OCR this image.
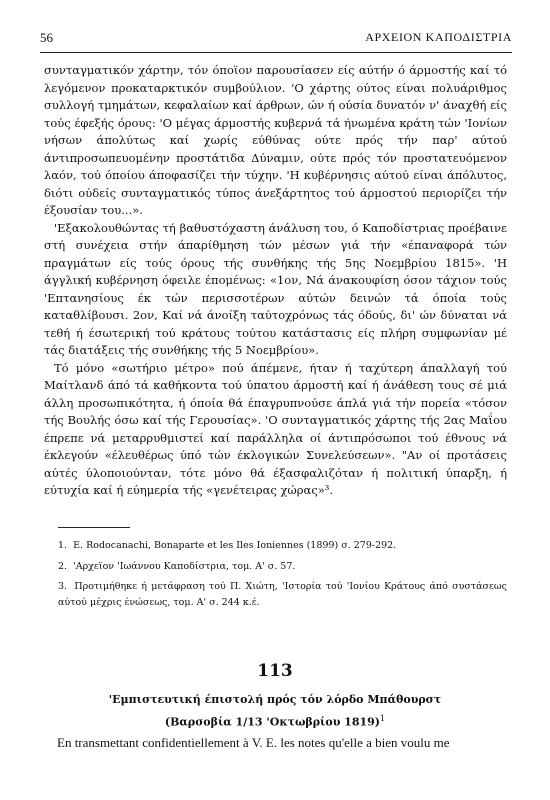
56	ΑΡΧΕΙΟΝ ΚΑΠΟΔΙΣΤΡΙΑ

συνταγματικόν χάρτην, τόν όποϊον παρουσίασεν είς αύτήν ό άρμοστής καί τό λεγόμενον προκαταρκτικόν συμβούλιον. 'Ο χάρτης ούτος είναι πολυάριθμος συλλογή τμημάτων, κεφαλαίων καί άρθρων, ών ή ούσία δυνατόν ν' άναχθή είς τούς έφεξής όρους: 'Ο μέγας άρμοστής κυβερνά τά ήνωμένα κράτη τών 'Ιονίων νήσων άπολύτως καί χωρίς εύθύνας ούτε πρός τήν παρ' αύτού άντιπροσωπευομένην προστάτιδα Δύναμιν, ούτε πρός τόν προστατευόμενον λαόν, τού όποίου άποφασίζει τήν τύχην. 'Η κυβέρνησις αύτού είναι άπόλυτος, διότι ούδείς συνταγματικός τύπος άνεξάρτητος τού άρμοστού περιορίζει τήν έξουσίαν του...».

'Εξακολουθώντας τή βαθυστόχαστη άνάλυση του, ό Καποδίστριας προέβαινε στή συνέχεια στήν άπαρίθμηση τών μέσων γιά τήν «έπαναφορά τών πραγμάτων είς τούς όρους τής συνθήκης τής 5ης Νοεμβρίου 1815». 'Η άγγλική κυβέρνηση όφειλε έπομένως: «1ον, Νά άνακουφίση όσον τάχιον τούς 'Επτανησίους έκ τών περισσοτέρων αύτών δεινών τά όποία τούς καταθλίβουσι. 2ον, Καί νά άνοίξη ταύτοχρόνως τάς όδούς, δι' ών δύναται νά τεθή ή έσωτερική τού κράτους τούτου κατάστασις είς πλήρη συμφωνίαν μέ τάς διατάξεις τής συνθήκης τής 5 Νοεμβρίου».

Τό μόνο «σωτήριο μέτρο» πού άπέμενε, ήταν ή ταχύτερη άπαλλαγή τού Μαίτλανδ άπό τά καθήκοντα τού ύπατου άρμοστή καί ή άνάθεση τους σέ μιά άλλη προσωπικότητα, ή όποία θά έπαγρυπνούσε άπλά γιά τήν πορεία «τόσον τής Βουλής όσω καί τής Γερουσίας». 'Ο συνταγματικός χάρτης τής 2ας Μαΐου έπρεπε νά μεταρρυθμιστεί καί παράλληλα οί άντιπρόσωποι τού έθνους νά έκλεγούν «έλευθέρως ύπό τών έκλογικών Συνελεύσεων». "Αν οί προτάσεις αύτές ύλοποιούνταν, τότε μόνο θά έξασφαλιζόταν ή πολιτική ύπαρξη, ή εύτυχία καί ή εύημερία τής «γενέτειρας χώρας»³.

1. E. Rodocanachi, Bonaparte et les Iles Ioniennes (1899) σ. 279-292.

2. 'Αρχεϊον 'Ιωάννου Καποδίστρια, τομ. Α' σ. 57.

3. Προτιμήθηκε ή μετάφραση τού Π. Χιώτη, 'Ιστορία τού 'Ιονίου Κράτους άπό συστάσεως αύτού μέχρις ένώσεως, τομ. Α' σ. 244 κ.έ.

113
'Εμπιστευτική έπιστολή πρός τόν λόρδο Μπάθουρστ
(Βαρσοβία 1/13 'Οκτωβρίου 1819)$^1$
En transmettant confidentiellement à V. E. les notes qu'elle a bien voulu me
